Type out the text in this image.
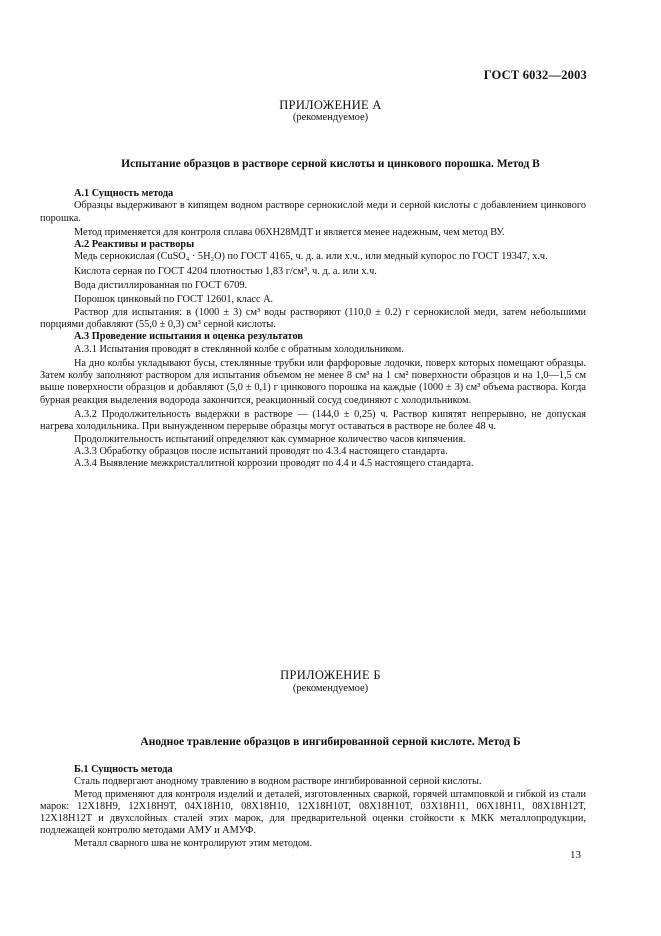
ГОСТ 6032—2003
ПРИЛОЖЕНИЕ А
(рекомендуемое)
Испытание образцов в растворе серной кислоты и цинкового порошка. Метод В

А.1 Сущность метода

Образцы выдерживают в кипящем водном растворе сернокислой меди и серной кислоты с добавлением цинкового порошка.

Метод применяется для контроля сплава 06ХН28МДТ и является менее надежным, чем метод ВУ.

А.2 Реактивы и растворы

Медь сернокислая (CuSO₄ · 5H₂O) по ГОСТ 4165, ч. д. а. или х.ч., или медный купорос по ГОСТ 19347, х.ч.

Кислота серная по ГОСТ 4204 плотностью 1,83 г/см³, ч. д. а. или х.ч.

Вода дистиллированная по ГОСТ 6709.

Порошок цинковый по ГОСТ 12601, класс А.

Раствор для испытания: в (1000 ± 3) см³ воды растворяют (110,0 ± 0.2) г сернокислой меди, затем небольшими порциями добавляют (55,0 ± 0,3) см³ серной кислоты.

А.3 Проведение испытания и оценка результатов

А.3.1 Испытания проводят в стеклянной колбе с обратным холодильником.

На дно колбы укладывают бусы, стеклянные трубки или фарфоровые лодочки, поверх которых помещают образцы. Затем колбу заполняют раствором для испытания объемом не менее 8 см³ на 1 см² поверхности образцов и на 1,0—1,5 см выше поверхности образцов и добавляют (5,0 ± 0,1) г цинкового порошка на каждые (1000 ± 3) см³ объема раствора. Когда бурная реакция выделения водорода закончится, реакционный сосуд соединяют с холодильником.

А.3.2 Продолжительность выдержки в растворе — (144,0 ± 0,25) ч. Раствор кипятят непрерывно, не допуская нагрева холодильника. При вынужденном перерыве образцы могут оставаться в растворе не более 48 ч.

Продолжительность испытаний определяют как суммарное количество часов кипячения.

А.3.3 Обработку образцов после испытаний проводят по 4.3.4 настоящего стандарта.

А.3.4 Выявление межкристаллитной коррозии проводят по 4.4 и 4.5 настоящего стандарта.

ПРИЛОЖЕНИЕ Б
(рекомендуемое)
Анодное травление образцов в ингибированной серной кислоте. Метод Б

Б.1 Сущность метода

Сталь подвергают анодному травлению в водном растворе ингибированной серной кислоты.

Метод применяют для контроля изделий и деталей, изготовленных сваркой, горячей штамповкой и гибкой из стали марок: 12Х18Н9, 12Х18Н9Т, 04Х18Н10, 08Х18Н10, 12Х18Н10Т, 08Х18Н10Т, 03Х18Н11, 06Х18Н11, 08Х18Н12Т, 12Х18Н12Т и двухслойных сталей этих марок, для предварительной оценки стойкости к МКК металлопродукции, подлежащей контролю методами АМУ и АМУФ.

Металл сварного шва не контролируют этим методом.

13
